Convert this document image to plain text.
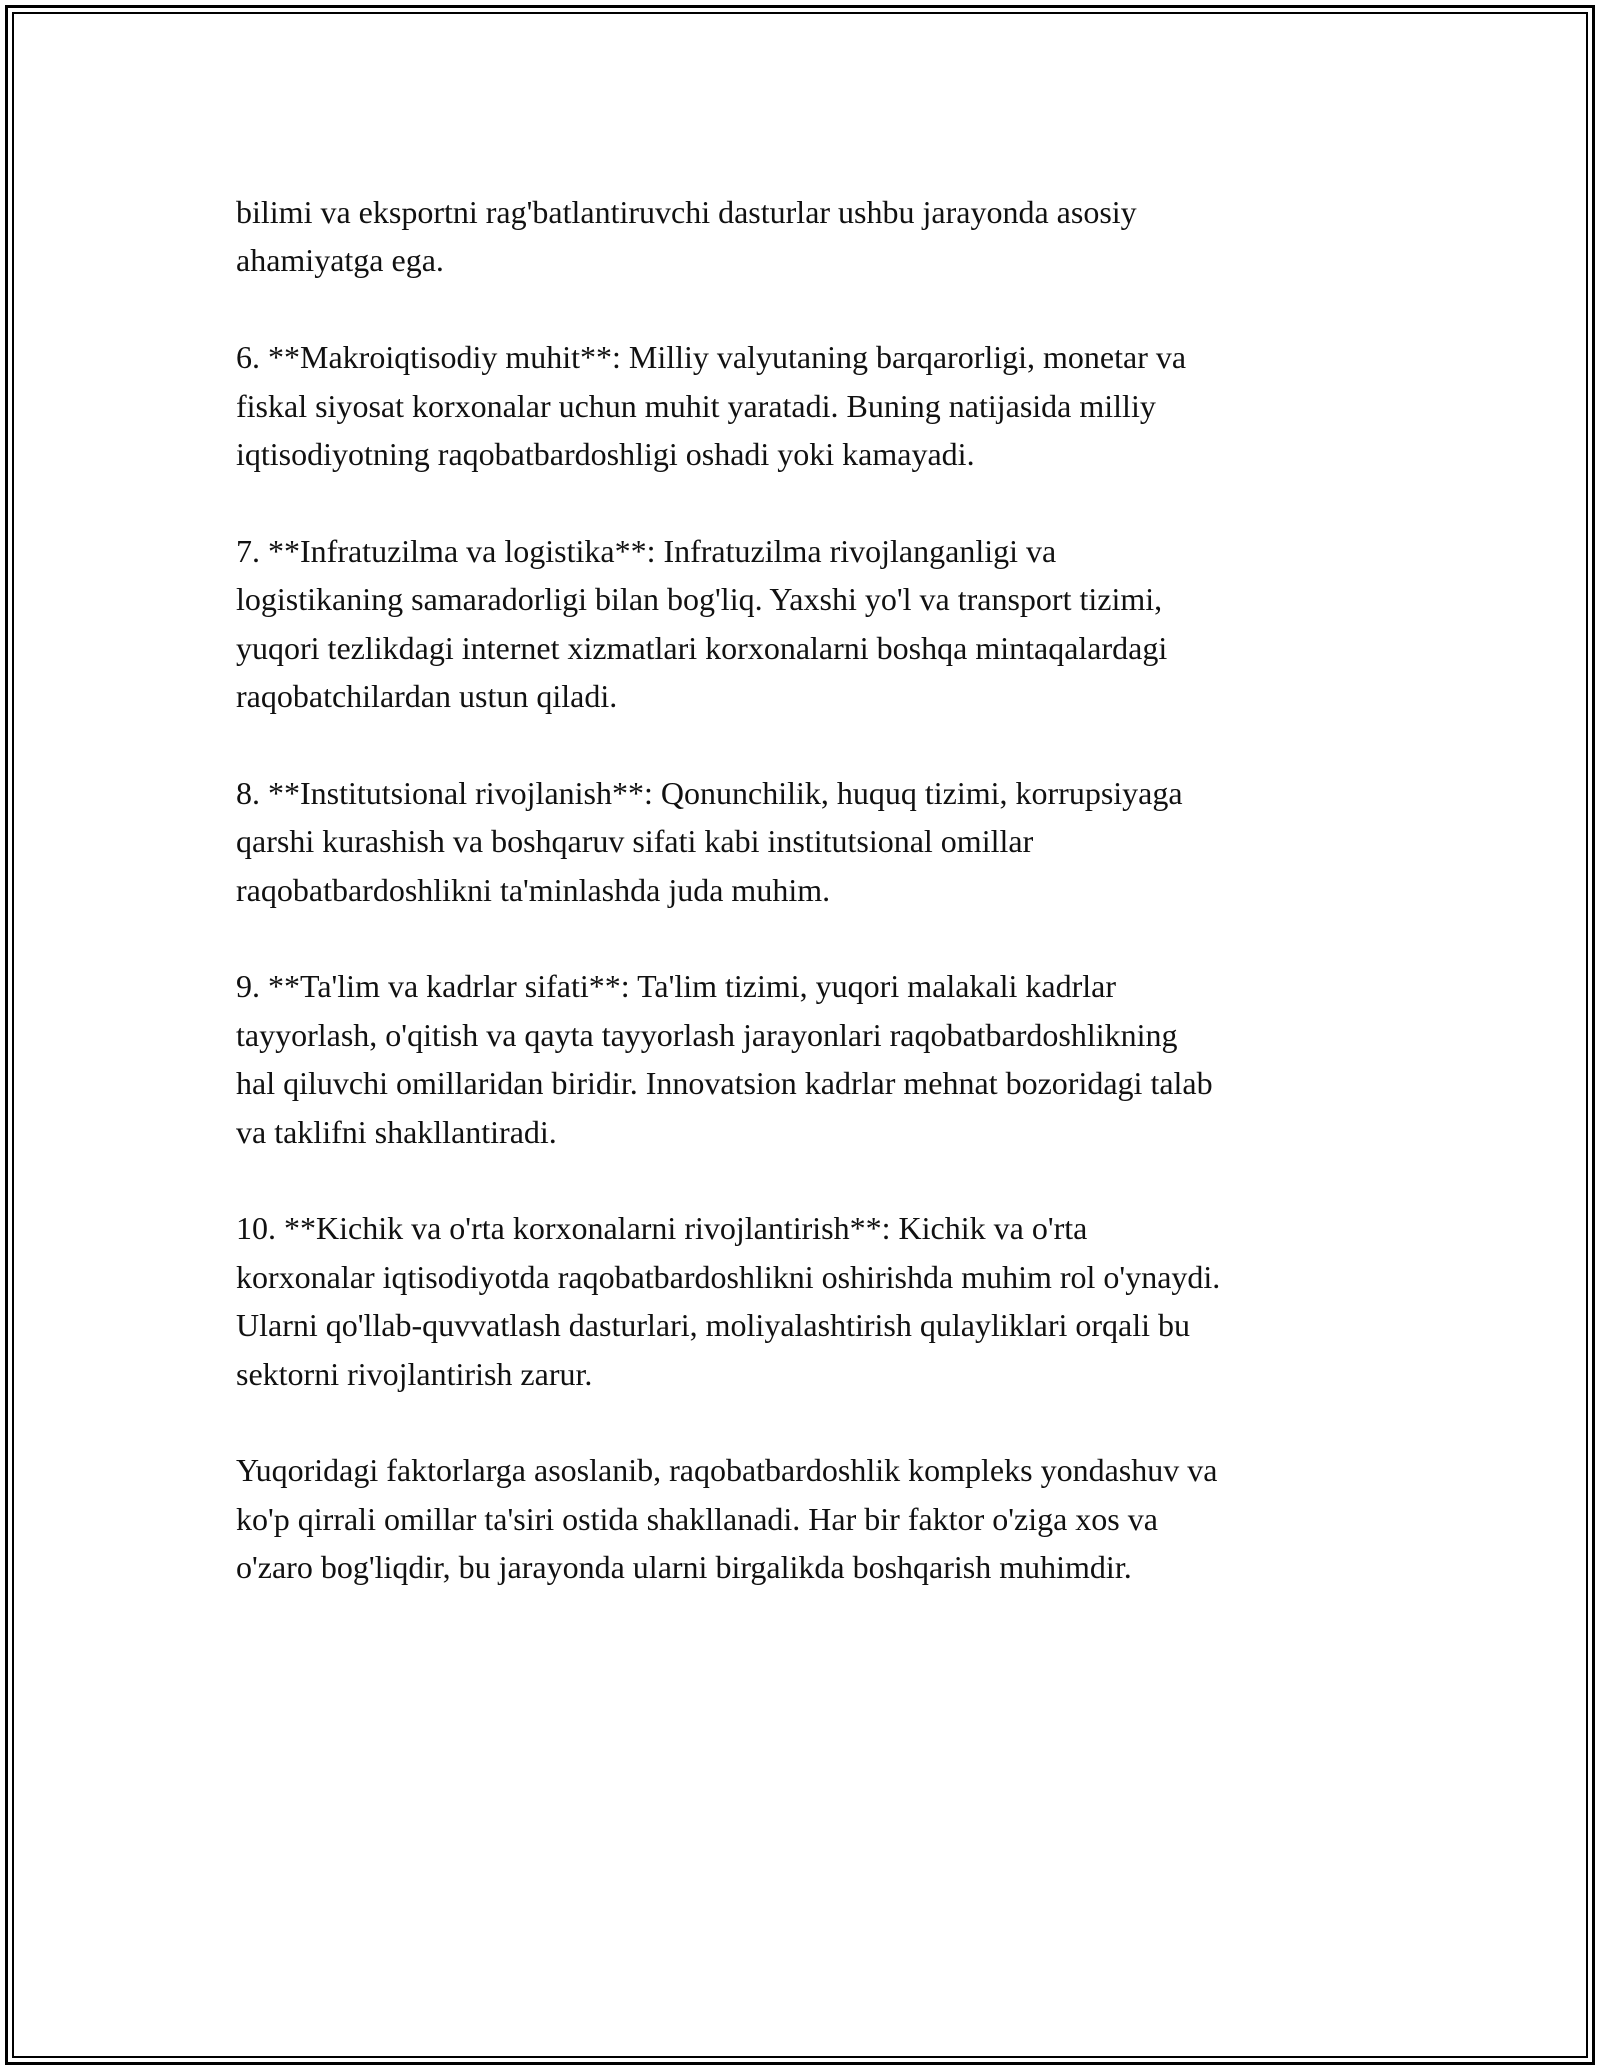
bilimi va eksportni rag'batlantiruvchi dasturlar ushbu jarayonda asosiy
ahamiyatga ega.

6. **Makroiqtisodiy muhit**: Milliy valyutaning barqarorligi, monetar va
fiskal siyosat korxonalar uchun muhit yaratadi. Buning natijasida milliy
iqtisodiyotning raqobatbardoshligi oshadi yoki kamayadi.

7. **Infratuzilma va logistika**: Infratuzilma rivojlanganligi va
logistikaning samaradorligi bilan bog'liq. Yaxshi yo'l va transport tizimi,
yuqori tezlikdagi internet xizmatlari korxonalarni boshqa mintaqalardagi
raqobatchilardan ustun qiladi.

8. **Institutsional rivojlanish**: Qonunchilik, huquq tizimi, korrupsiyaga
qarshi kurashish va boshqaruv sifati kabi institutsional omillar
raqobatbardoshlikni ta'minlashda juda muhim.

9. **Ta'lim va kadrlar sifati**: Ta'lim tizimi, yuqori malakali kadrlar
tayyorlash, o'qitish va qayta tayyorlash jarayonlari raqobatbardoshlikning
hal qiluvchi omillaridan biridir. Innovatsion kadrlar mehnat bozoridagi talab
va taklifni shakllantiradi.

10. **Kichik va o'rta korxonalarni rivojlantirish**: Kichik va o'rta
korxonalar iqtisodiyotda raqobatbardoshlikni oshirishda muhim rol o'ynaydi.
Ularni qo'llab-quvvatlash dasturlari, moliyalashtirish qulayliklari orqali bu
sektorni rivojlantirish zarur.

Yuqoridagi faktorlarga asoslanib, raqobatbardoshlik kompleks yondashuv va
ko'p qirrali omillar ta'siri ostida shakllanadi. Har bir faktor o'ziga xos va
o'zaro bog'liqdir, bu jarayonda ularni birgalikda boshqarish muhimdir.
